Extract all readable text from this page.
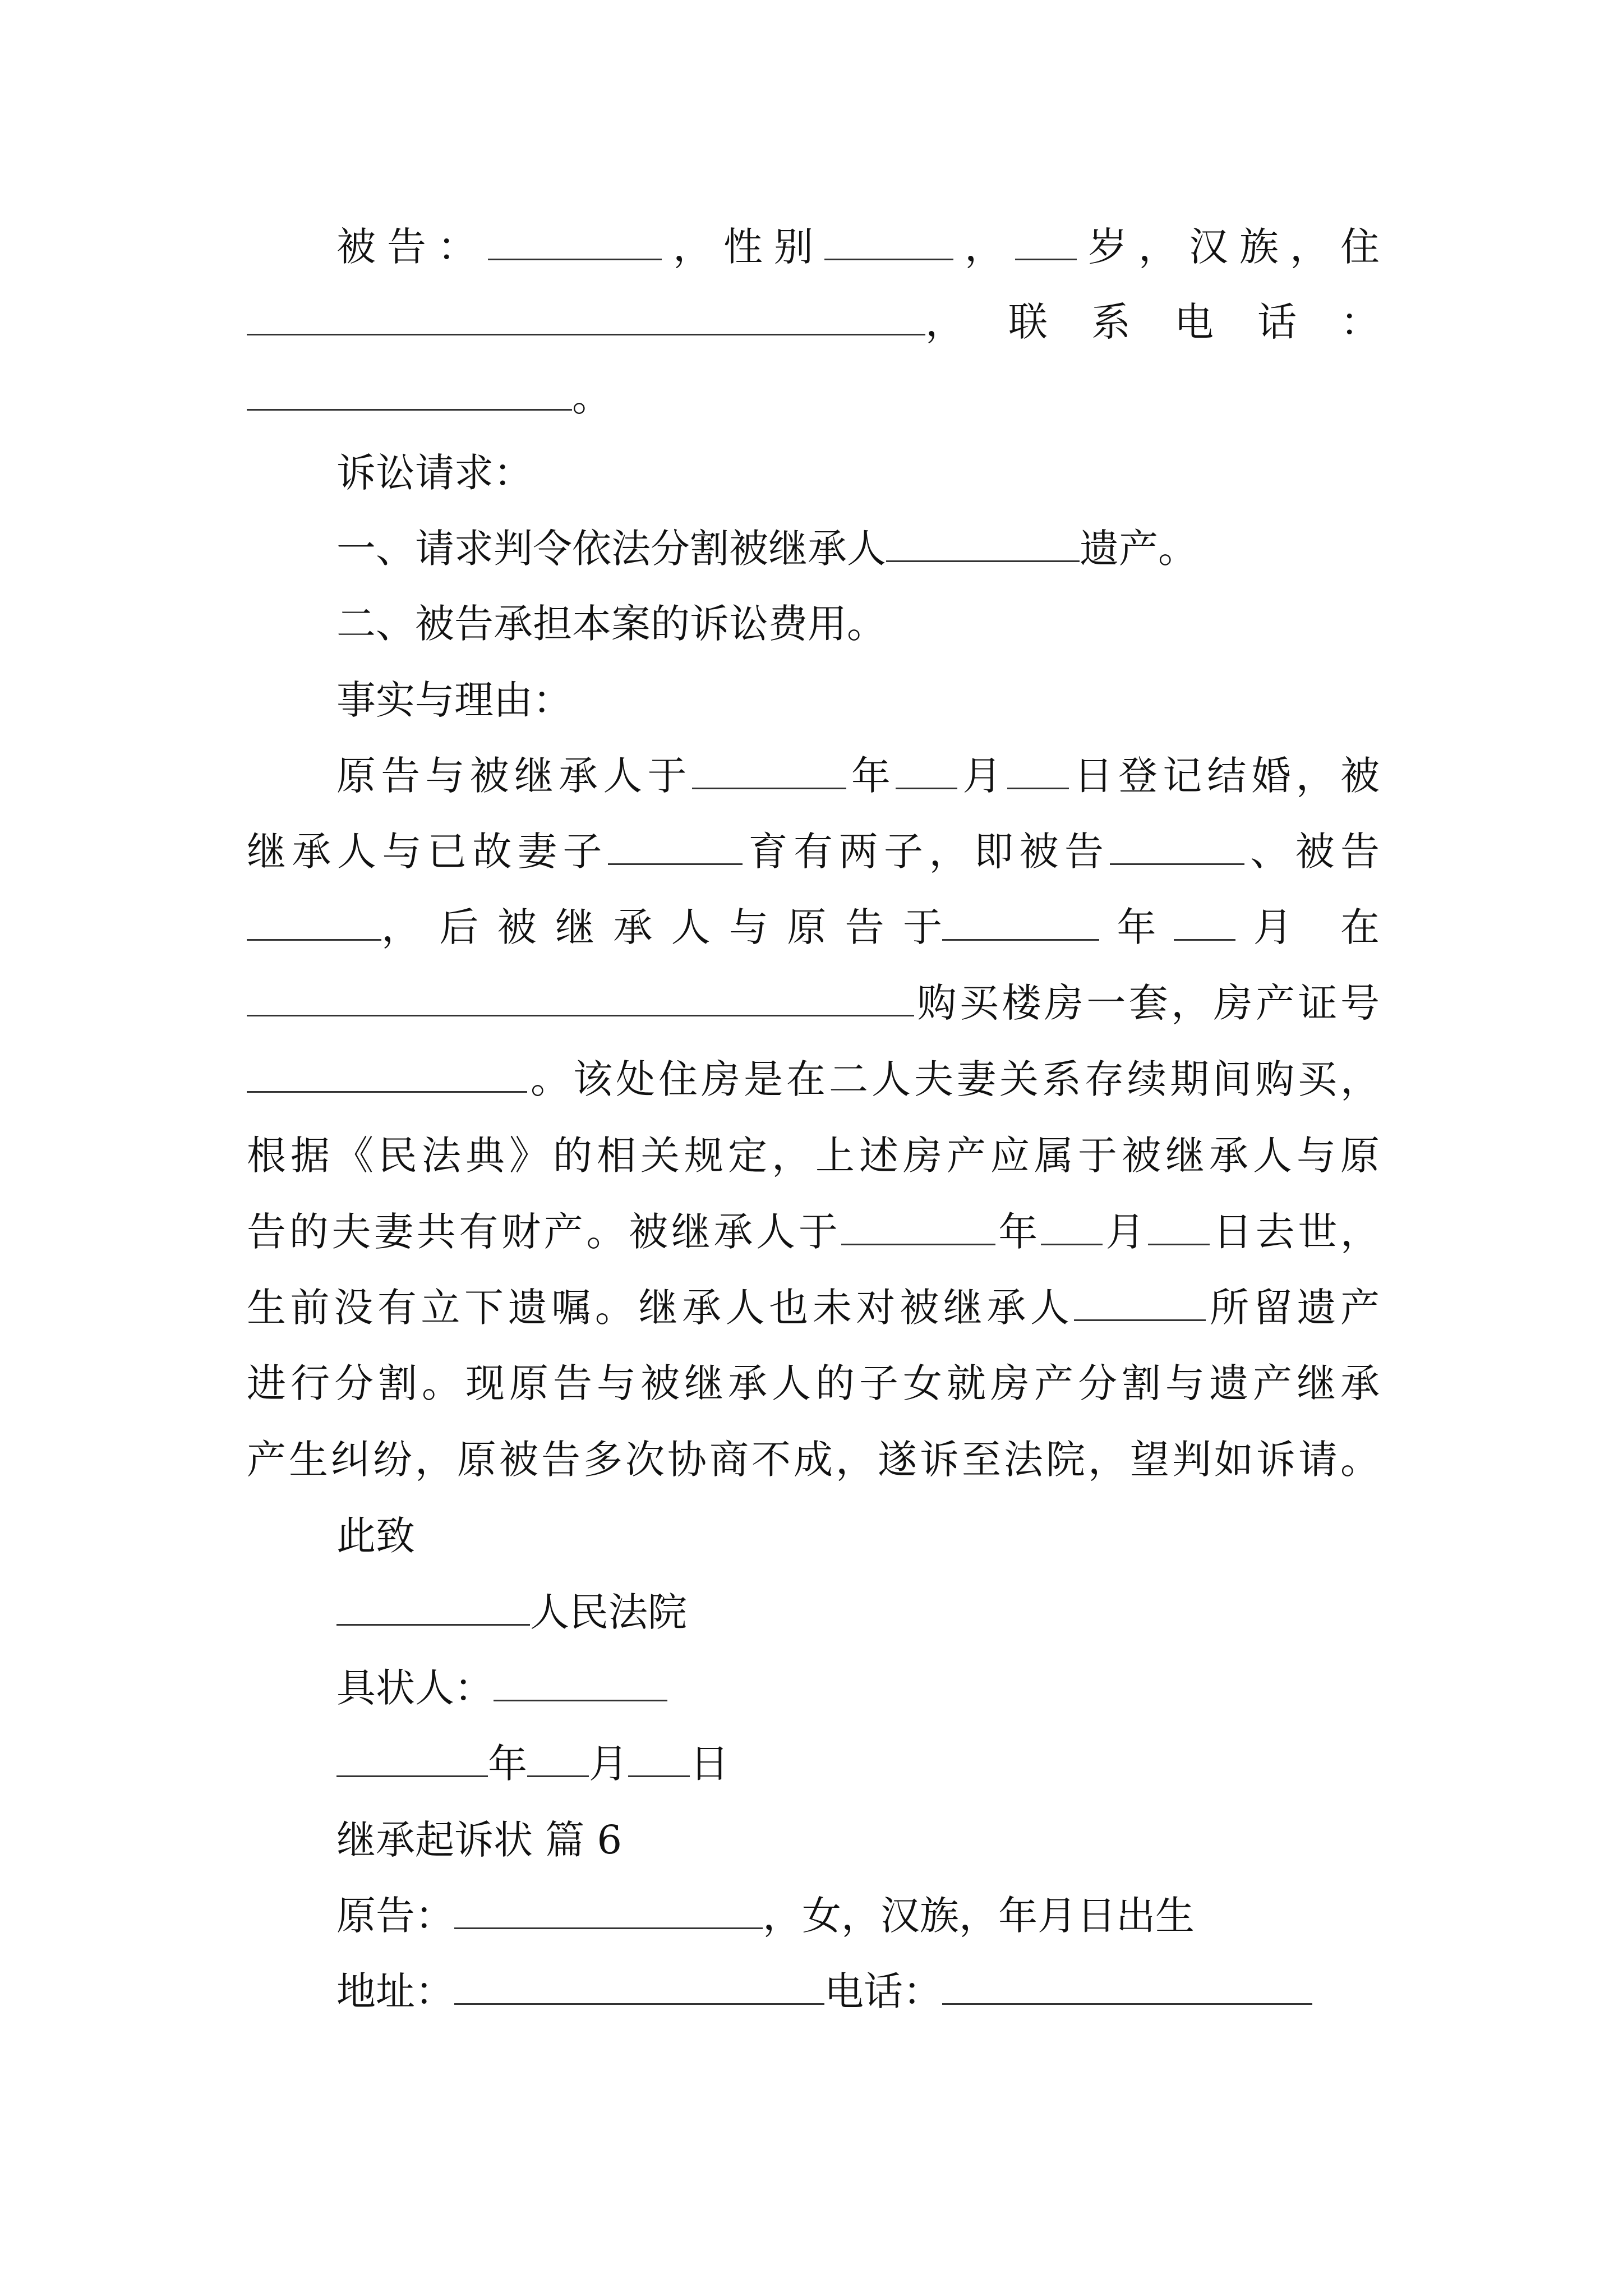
被告：	，性别	， 岁，汉族，住
， 联 系 电 话 ：
。
诉讼请求：
一、请求判令依法分割被继承人	遗产。
二、被告承担本案的诉讼费用。
事实与理由：
原告与被继承人于	年 月 日登记结婚，被
继承人与已故妻子	育有两子，即被告	、被告
， 后 被 继 承 人 与 原 告 于	年 月 在
购买楼房一套，房产证号
。该处住房是在二人夫妻关系存续期间购买，
根据《民法典》的相关规定，上述房产应属于被继承人与原
告的夫妻共有财产。被继承人于	年 月 日去世，
生前没有立下遗嘱。继承人也未对被继承人	所留遗产
进行分割。现原告与被继承人的子女就房产分割与遗产继承
产生纠纷，原被告多次协商不成，遂诉至法院，望判如诉请。
此致
人民法院
具状人：
年 月 日
继承起诉状 篇 6
原告：	，女，汉族，年月日出生
地址：	电话：
